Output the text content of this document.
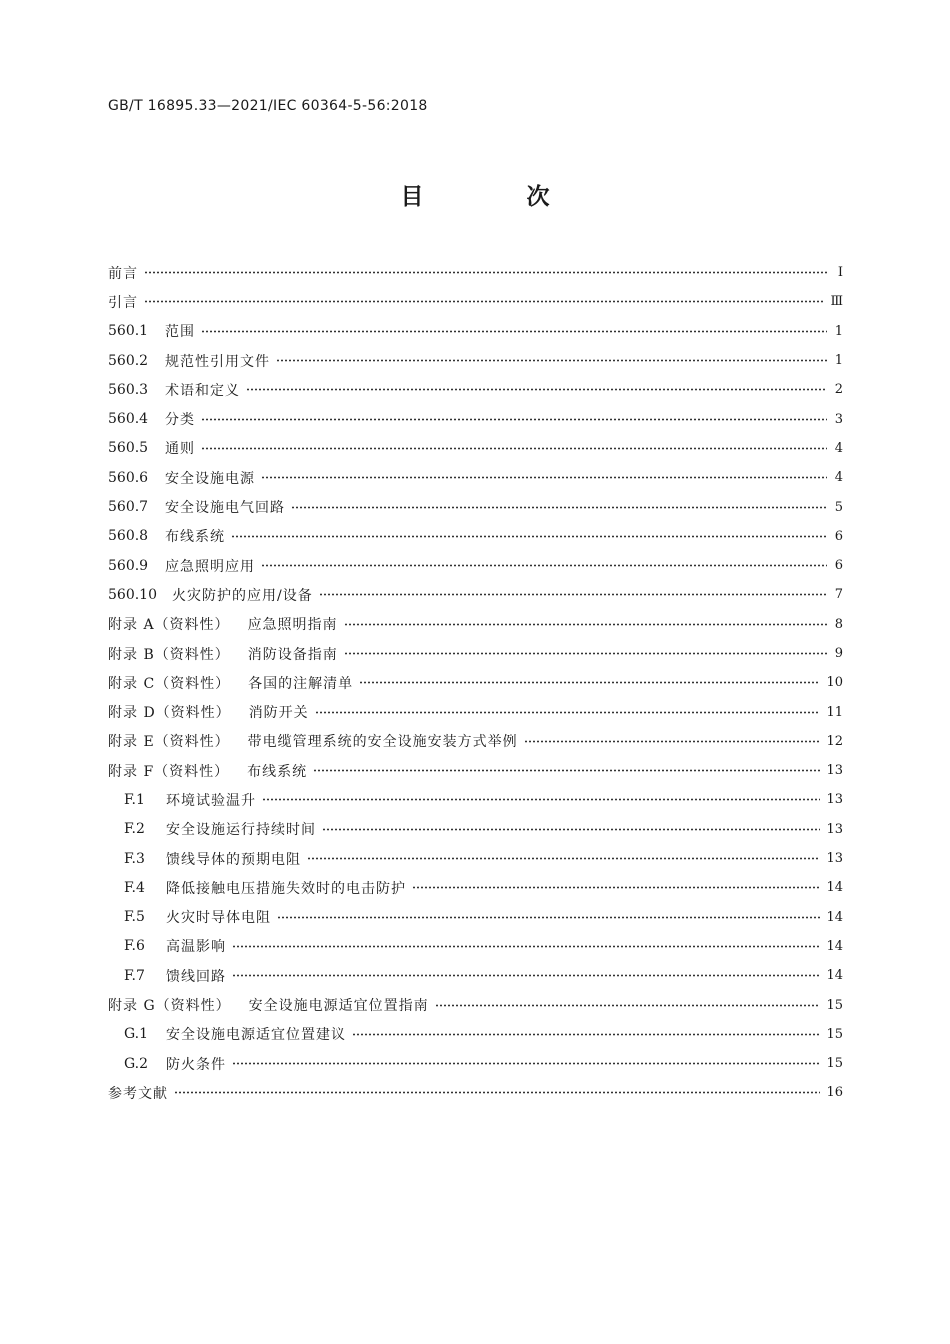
GB/T 16895.33—2021/IEC 60364-5-56:2018
目　次
前言	Ⅰ
引言	Ⅲ
560.1	范围	1
560.2	规范性引用文件	1
560.3	术语和定义	2
560.4	分类	3
560.5	通则	4
560.6	安全设施电源	4
560.7	安全设施电气回路	5
560.8	布线系统	6
560.9	应急照明应用	6
560.10	火灾防护的应用/设备	7
附录 A（资料性） 应急照明指南	8
附录 B（资料性） 消防设备指南	9
附录 C（资料性） 各国的注解清单	10
附录 D（资料性） 消防开关	11
附录 E（资料性） 带电缆管理系统的安全设施安装方式举例	12
附录 F（资料性） 布线系统	13
F.1	环境试验温升	13
F.2	安全设施运行持续时间	13
F.3	馈线导体的预期电阻	13
F.4	降低接触电压措施失效时的电击防护	14
F.5	火灾时导体电阻	14
F.6	高温影响	14
F.7	馈线回路	14
附录 G（资料性） 安全设施电源适宜位置指南	15
G.1	安全设施电源适宜位置建议	15
G.2	防火条件	15
参考文献	16
